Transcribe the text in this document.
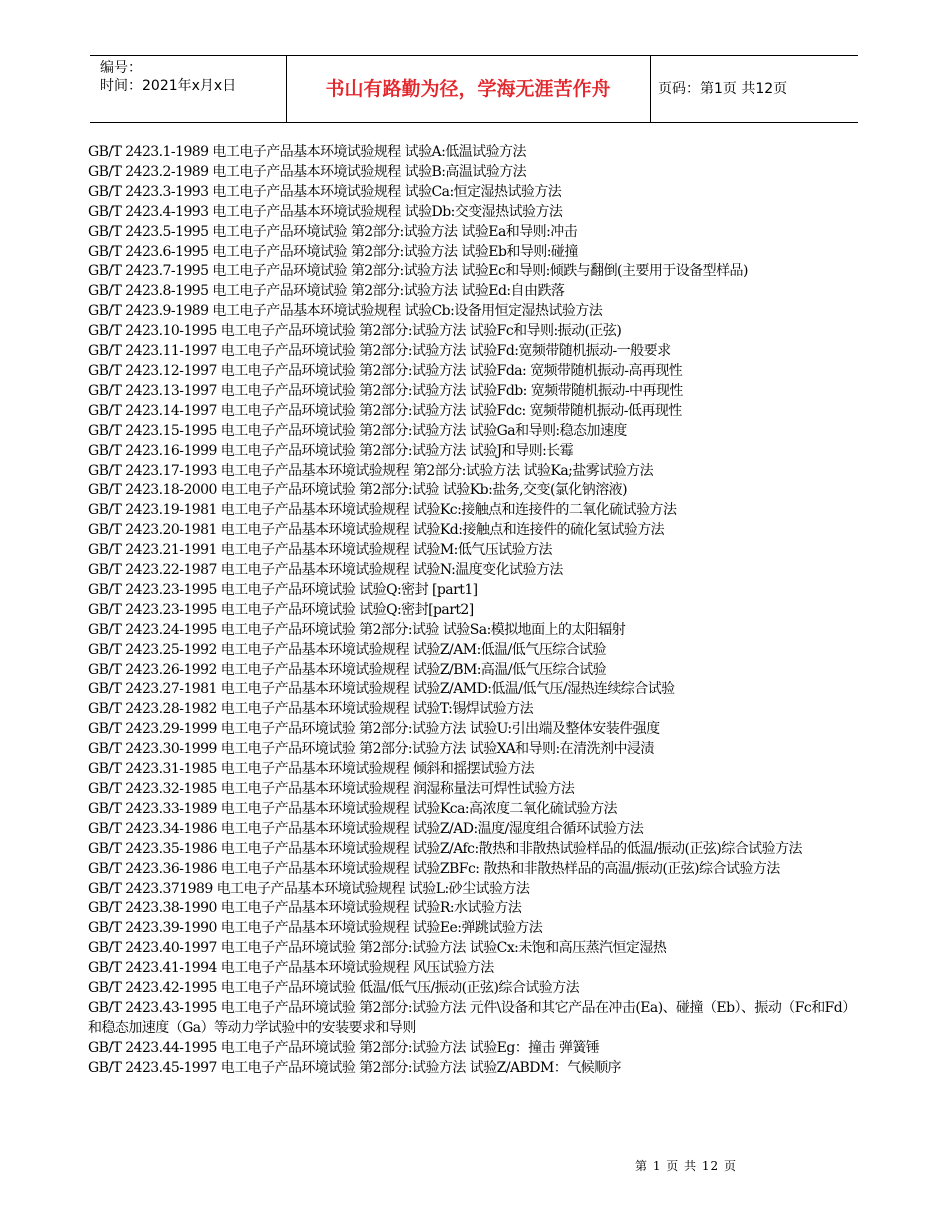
编号：
时间：2021年x月x日	书山有路勤为径，学海无涯苦作舟	页码：第1页 共12页

GB/T 2423.1-1989 电工电子产品基本环境试验规程 试验A:低温试验方法

GB/T 2423.2-1989 电工电子产品基本环境试验规程 试验B:高温试验方法

GB/T 2423.3-1993 电工电子产品基本环境试验规程 试验Ca:恒定湿热试验方法

GB/T 2423.4-1993 电工电子产品基本环境试验规程 试验Db:交变湿热试验方法

GB/T 2423.5-1995 电工电子产品环境试验 第2部分:试验方法 试验Ea和导则:冲击

GB/T 2423.6-1995 电工电子产品环境试验 第2部分:试验方法 试验Eb和导则:碰撞

GB/T 2423.7-1995 电工电子产品环境试验 第2部分:试验方法 试验Ec和导则:倾跌与翻倒(主要用于设备型样品)

GB/T 2423.8-1995 电工电子产品环境试验 第2部分:试验方法 试验Ed:自由跌落

GB/T 2423.9-1989 电工电子产品基本环境试验规程 试验Cb:设备用恒定湿热试验方法

GB/T 2423.10-1995 电工电子产品环境试验 第2部分:试验方法 试验Fc和导则:振动(正弦)

GB/T 2423.11-1997 电工电子产品环境试验 第2部分:试验方法 试验Fd:宽频带随机振动-一般要求

GB/T 2423.12-1997 电工电子产品环境试验 第2部分:试验方法 试验Fda: 宽频带随机振动-高再现性

GB/T 2423.13-1997 电工电子产品环境试验 第2部分:试验方法 试验Fdb: 宽频带随机振动-中再现性

GB/T 2423.14-1997 电工电子产品环境试验 第2部分:试验方法 试验Fdc: 宽频带随机振动-低再现性

GB/T 2423.15-1995 电工电子产品环境试验 第2部分:试验方法 试验Ga和导则:稳态加速度

GB/T 2423.16-1999 电工电子产品环境试验 第2部分:试验方法 试验J和导则:长霉

GB/T 2423.17-1993 电工电子产品基本环境试验规程 第2部分:试验方法 试验Ka;盐雾试验方法

GB/T 2423.18-2000 电工电子产品环境试验 第2部分:试验 试验Kb:盐务,交变(氯化钠溶液)

GB/T 2423.19-1981 电工电子产品基本环境试验规程 试验Kc:接触点和连接件的二氧化硫试验方法

GB/T 2423.20-1981 电工电子产品基本环境试验规程 试验Kd:接触点和连接件的硫化氢试验方法

GB/T 2423.21-1991 电工电子产品基本环境试验规程 试验M:低气压试验方法

GB/T 2423.22-1987 电工电子产品基本环境试验规程 试验N:温度变化试验方法

GB/T 2423.23-1995 电工电子产品环境试验 试验Q:密封 [part1]

GB/T 2423.23-1995 电工电子产品环境试验 试验Q:密封[part2]

GB/T 2423.24-1995 电工电子产品环境试验 第2部分:试验 试验Sa:模拟地面上的太阳辐射

GB/T 2423.25-1992 电工电子产品基本环境试验规程 试验Z/AM:低温/低气压综合试验

GB/T 2423.26-1992 电工电子产品基本环境试验规程 试验Z/BM:高温/低气压综合试验

GB/T 2423.27-1981 电工电子产品基本环境试验规程 试验Z/AMD:低温/低气压/湿热连续综合试验

GB/T 2423.28-1982 电工电子产品基本环境试验规程 试验T:锡焊试验方法

GB/T 2423.29-1999 电工电子产品环境试验 第2部分:试验方法 试验U:引出端及整体安装件强度

GB/T 2423.30-1999 电工电子产品环境试验 第2部分:试验方法 试验XA和导则:在清洗剂中浸渍

GB/T 2423.31-1985 电工电子产品基本环境试验规程 倾斜和摇摆试验方法

GB/T 2423.32-1985 电工电子产品基本环境试验规程 润湿称量法可焊性试验方法

GB/T 2423.33-1989 电工电子产品基本环境试验规程 试验Kca:高浓度二氧化硫试验方法

GB/T 2423.34-1986 电工电子产品基本环境试验规程 试验Z/AD:温度/湿度组合循环试验方法

GB/T 2423.35-1986 电工电子产品基本环境试验规程 试验Z/Afc:散热和非散热试验样品的低温/振动(正弦)综合试验方法

GB/T 2423.36-1986 电工电子产品基本环境试验规程 试验ZBFc: 散热和非散热样品的高温/振动(正弦)综合试验方法

GB/T 2423.371989 电工电子产品基本环境试验规程 试验L:砂尘试验方法

GB/T 2423.38-1990 电工电子产品基本环境试验规程 试验R:水试验方法

GB/T 2423.39-1990 电工电子产品基本环境试验规程 试验Ee:弹跳试验方法

GB/T 2423.40-1997 电工电子产品环境试验 第2部分:试验方法 试验Cx:未饱和高压蒸汽恒定湿热

GB/T 2423.41-1994 电工电子产品基本环境试验规程 风压试验方法

GB/T 2423.42-1995 电工电子产品环境试验 低温/低气压/振动(正弦)综合试验方法

GB/T 2423.43-1995 电工电子产品环境试验 第2部分:试验方法 元件\设备和其它产品在冲击(Ea)、碰撞（Eb）、振动（Fc和Fd）和稳态加速度（Ga）等动力学试验中的安装要求和导则

GB/T 2423.44-1995 电工电子产品环境试验 第2部分:试验方法 试验Eg：撞击 弹簧锤

GB/T 2423.45-1997 电工电子产品环境试验 第2部分:试验方法 试验Z/ABDM：气候顺序

第 1 页 共 12 页
